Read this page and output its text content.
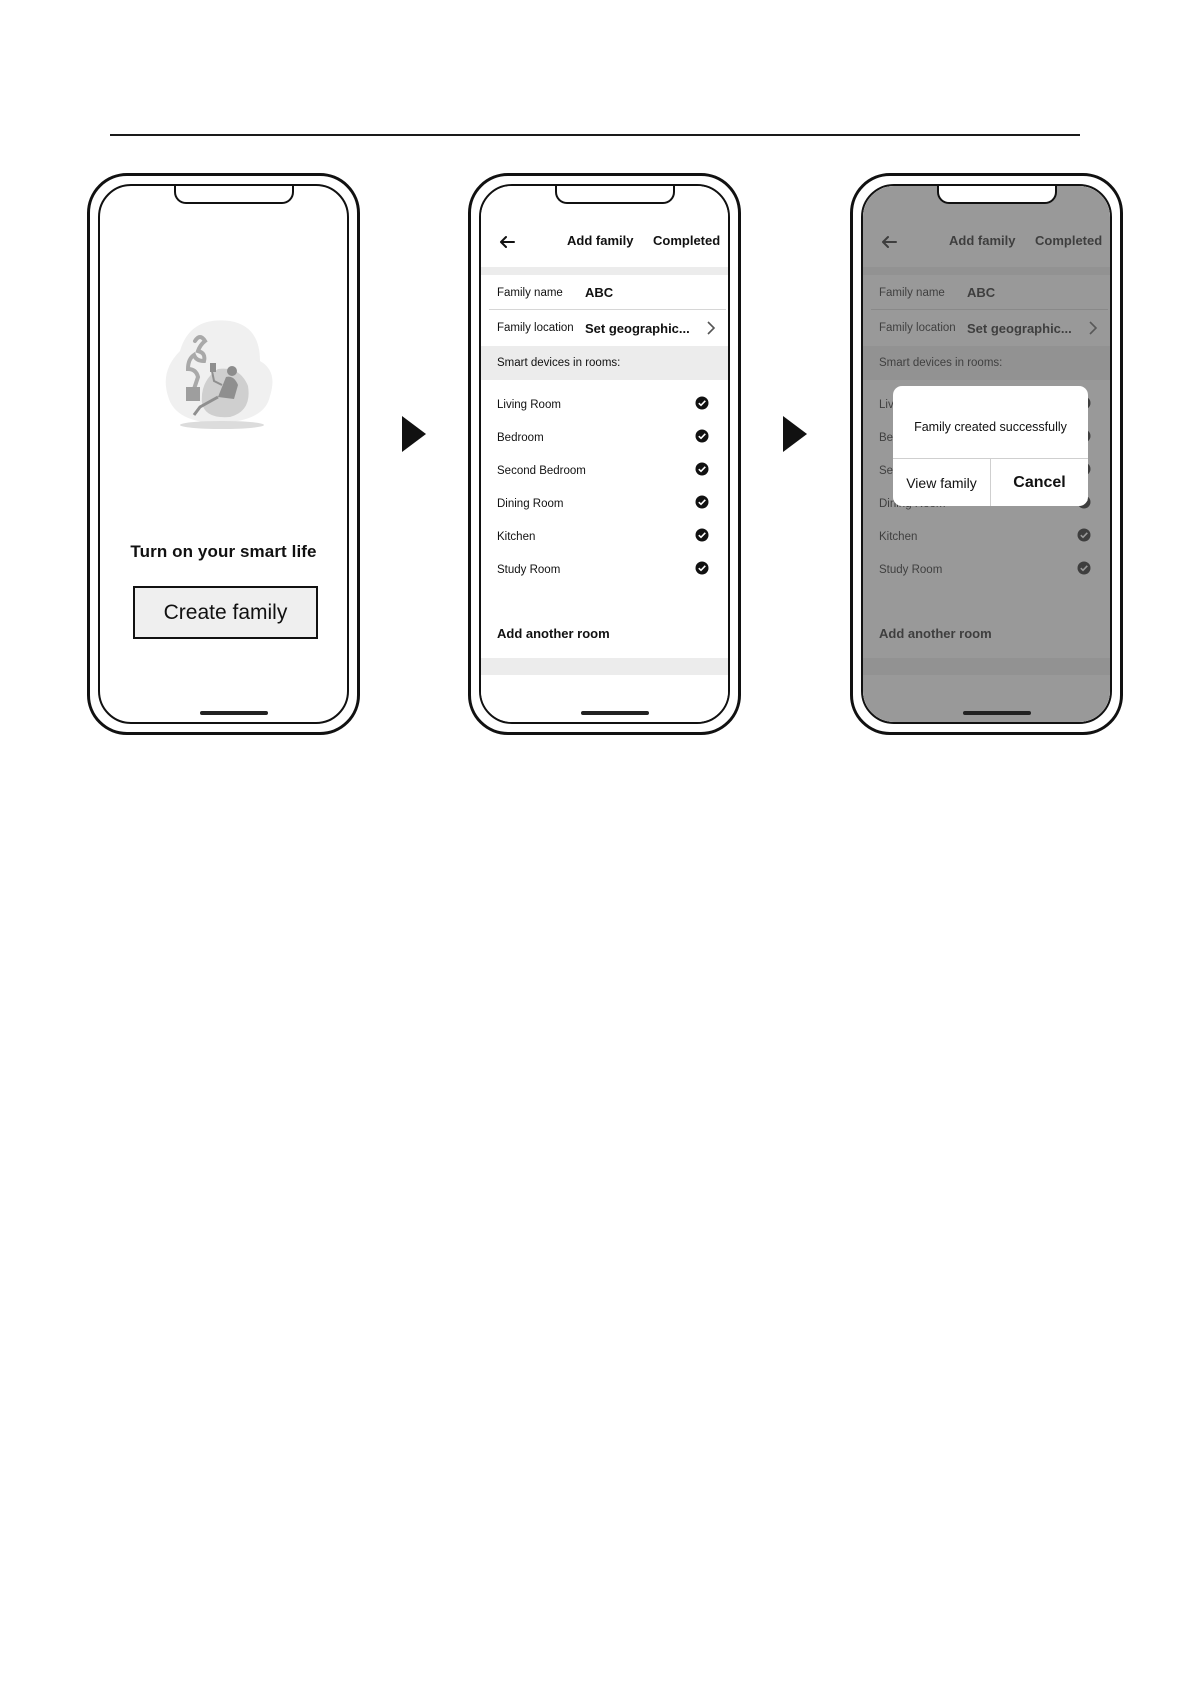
Turn on your smart life
Create family
Add family Completed
Family name	ABC
Family location Set geographic...
Smart devices in rooms:
Living Room
Bedroom
Second Bedroom
Dining Room
Kitchen
Study Room
Add another room
Family created successfully
View family	Cancel
